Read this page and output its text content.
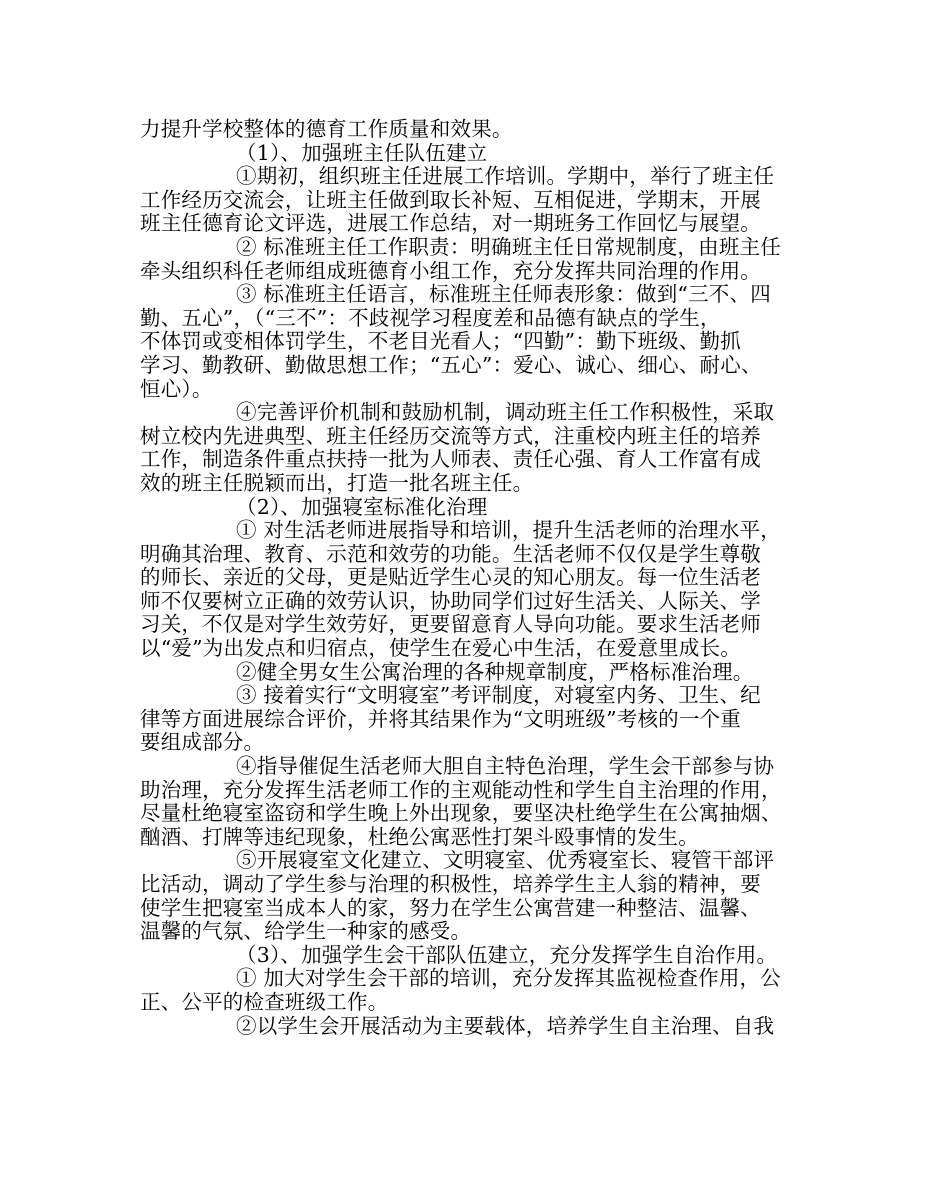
力提升学校整体的德育工作质量和效果。
（1）、加强班主任队伍建立
①期初，组织班主任进展工作培训。学期中，举行了班主任
工作经历交流会，让班主任做到取长补短、互相促进，学期末，开展
班主任德育论文评选，进展工作总结，对一期班务工作回忆与展望。
② 标准班主任工作职责：明确班主任日常规制度，由班主任
牵头组织科任老师组成班德育小组工作，充分发挥共同治理的作用。
③ 标准班主任语言，标准班主任师表形象：做到“三不、四
勤、五心”，（“三不”：不歧视学习程度差和品德有缺点的学生，
不体罚或变相体罚学生，不老目光看人；“四勤”：勤下班级、勤抓
学习、勤教研、勤做思想工作；“五心”：爱心、诚心、细心、耐心、
恒心）。
④完善评价机制和鼓励机制，调动班主任工作积极性，采取
树立校内先进典型、班主任经历交流等方式，注重校内班主任的培养
工作，制造条件重点扶持一批为人师表、责任心强、育人工作富有成
效的班主任脱颖而出，打造一批名班主任。
（2）、加强寝室标准化治理
① 对生活老师进展指导和培训，提升生活老师的治理水平，
明确其治理、教育、示范和效劳的功能。生活老师不仅仅是学生尊敬
的师长、亲近的父母，更是贴近学生心灵的知心朋友。每一位生活老
师不仅要树立正确的效劳认识，协助同学们过好生活关、人际关、学
习关，不仅是对学生效劳好，更要留意育人导向功能。要求生活老师
以“爱”为出发点和归宿点，使学生在爱心中生活，在爱意里成长。
②健全男女生公寓治理的各种规章制度，严格标准治理。
③ 接着实行“文明寝室”考评制度，对寝室内务、卫生、纪
律等方面进展综合评价，并将其结果作为“文明班级”考核的一个重
要组成部分。
④指导催促生活老师大胆自主特色治理，学生会干部参与协
助治理，充分发挥生活老师工作的主观能动性和学生自主治理的作用，
尽量杜绝寝室盗窃和学生晚上外出现象，要坚决杜绝学生在公寓抽烟、
酗酒、打牌等违纪现象，杜绝公寓恶性打架斗殴事情的发生。
⑤开展寝室文化建立、文明寝室、优秀寝室长、寝管干部评
比活动，调动了学生参与治理的积极性，培养学生主人翁的精神，要
使学生把寝室当成本人的家，努力在学生公寓营建一种整洁、温馨、
温馨的气氛、给学生一种家的感受。
（3）、加强学生会干部队伍建立，充分发挥学生自治作用。
① 加大对学生会干部的培训，充分发挥其监视检查作用，公
正、公平的检查班级工作。
②以学生会开展活动为主要载体，培养学生自主治理、自我
